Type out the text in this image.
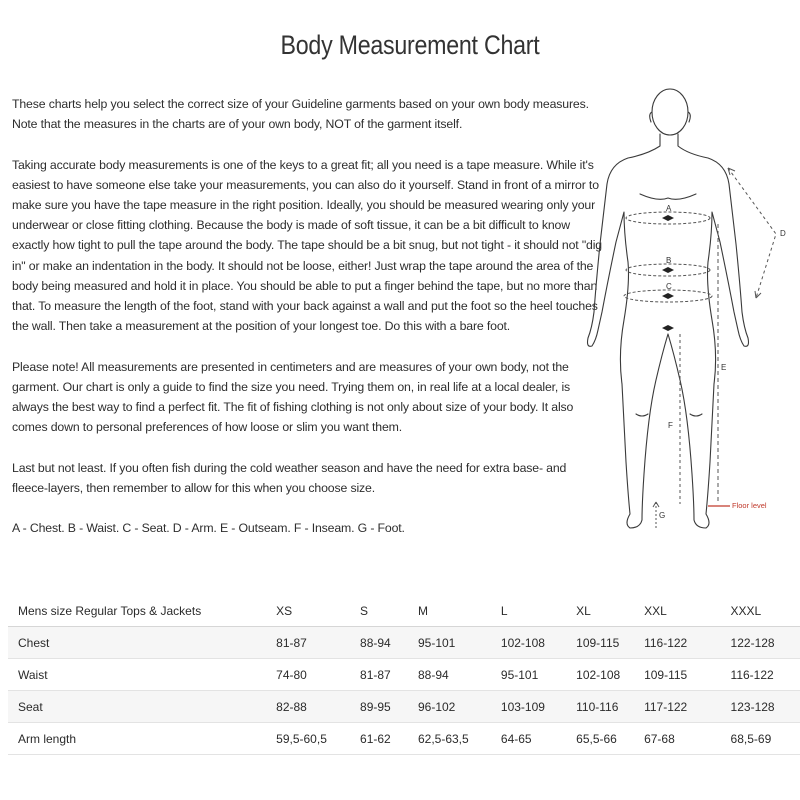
Body Measurement Chart

These charts help you select the correct size of your Guideline garments based on your own body measures. Note that the measures in the charts are of your own body, NOT of the garment itself.

Taking accurate body measurements is one of the keys to a great fit; all you need is a tape measure. While it's easiest to have someone else take your measurements, you can also do it yourself. Stand in front of a mirror to make sure you have the tape measure in the right position. Ideally, you should be measured wearing only your underwear or close fitting clothing. Because the body is made of soft tissue, it can be a bit difficult to know exactly how tight to pull the tape around the body. The tape should be a bit snug, but not tight - it should not "dig in" or make an indentation in the body. It should not be loose, either! Just wrap the tape around the area of the body being measured and hold it in place. You should be able to put a finger behind the tape, but no more than that. To measure the length of the foot, stand with your back against a wall and put the foot so the heel touches the wall. Then take a measurement at the position of your longest toe. Do this with a bare foot.

Please note! All measurements are presented in centimeters and are measures of your own body, not the garment. Our chart is only a guide to find the size you need. Trying them on, in real life at a local dealer, is always the best way to find a perfect fit. The fit of fishing clothing is not only about size of your body. It also comes down to personal preferences of how loose or slim you want them.

Last but not least. If you often fish during the cold weather season and have the need for extra base- and fleece-layers, then remember to allow for this when you choose size.

A - Chest. B - Waist. C - Seat. D - Arm. E - Outseam. F - Inseam. G - Foot.

A
B
C
D
E
F
G
Floor level
Mens size Regular Tops & Jackets	XS	S	M	L	XL	XXL	XXXL
Chest	81-87	88-94	95-101	102-108	109-115	116-122	122-128
Waist	74-80	81-87	88-94	95-101	102-108	109-115	116-122
Seat	82-88	89-95	96-102	103-109	110-116	117-122	123-128
Arm length	59,5-60,5	61-62	62,5-63,5	64-65	65,5-66	67-68	68,5-69
